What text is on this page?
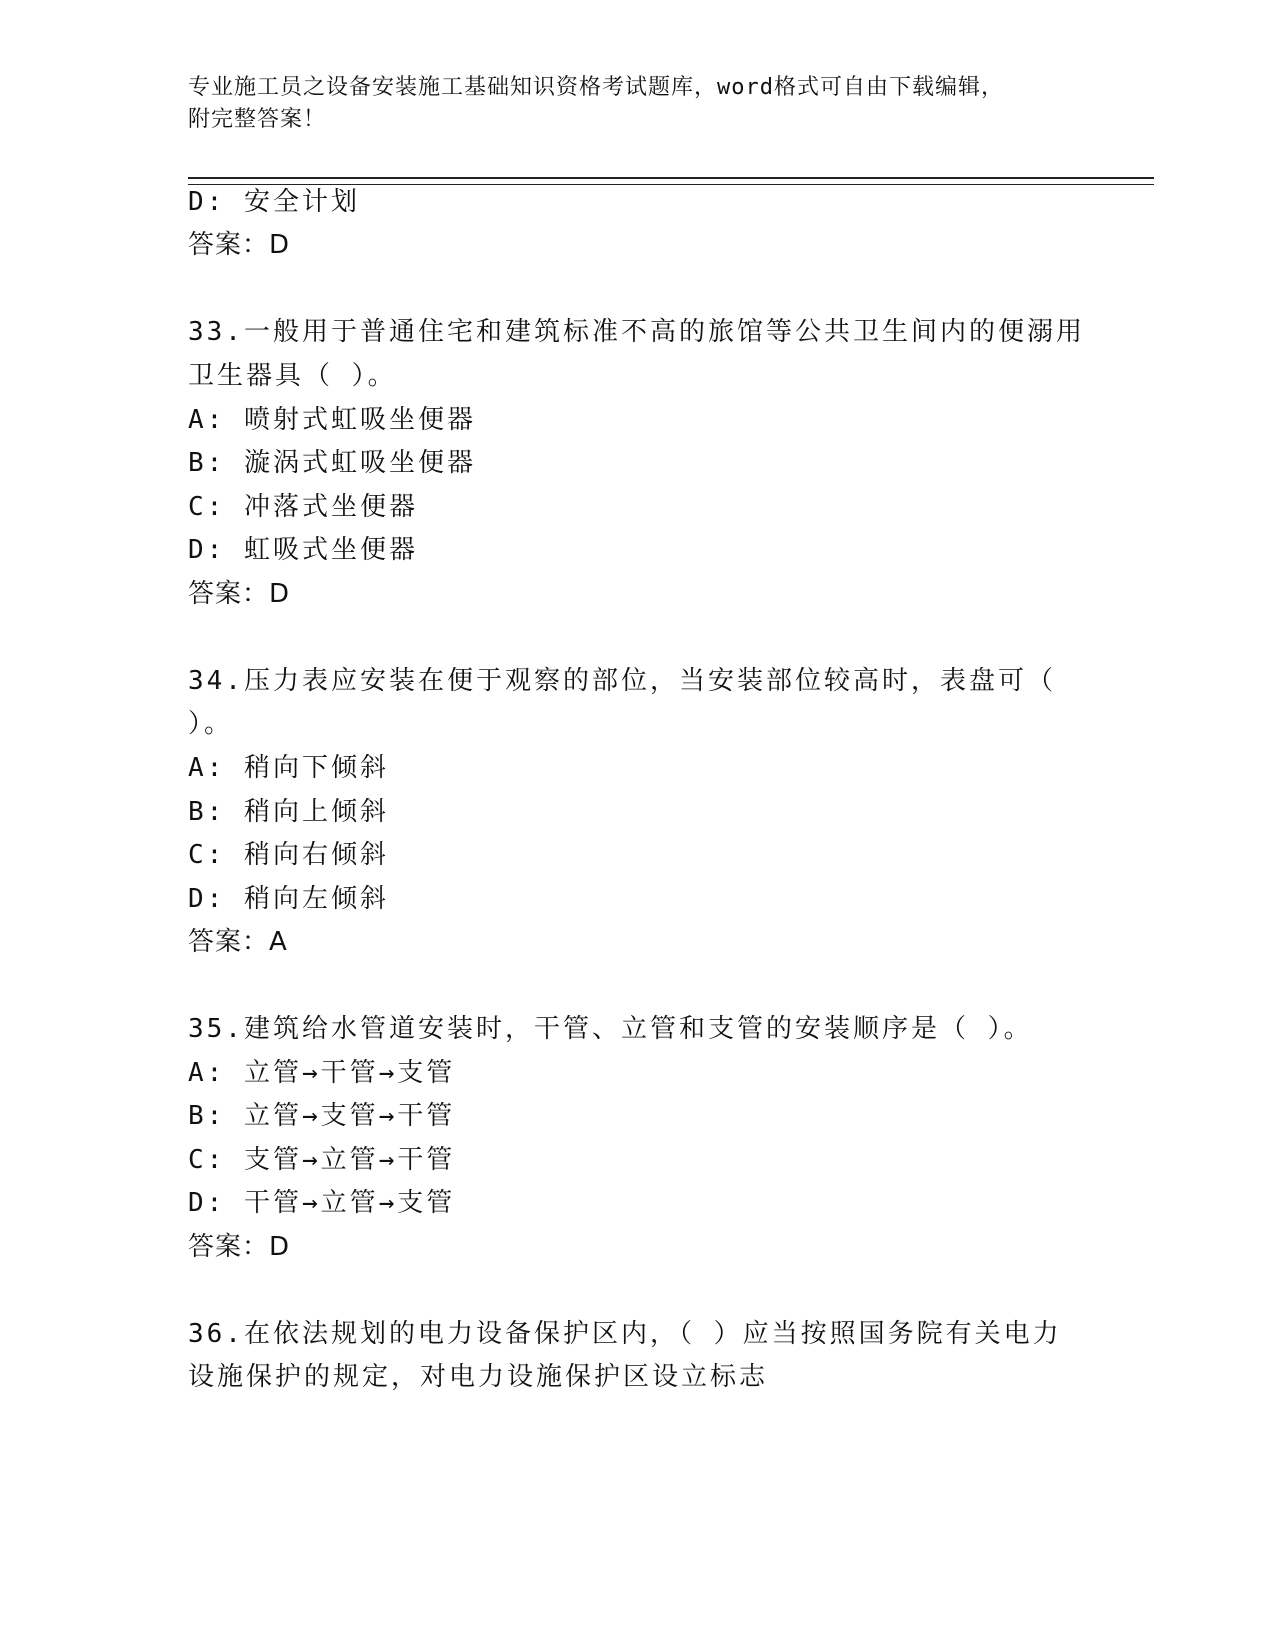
专业施工员之设备安装施工基础知识资格考试题库，word格式可自由下载编辑，
附完整答案！
D: 安全计划
答案：D
33.一般用于普通住宅和建筑标准不高的旅馆等公共卫生间内的便溺用
卫生器具（ ）。
A: 喷射式虹吸坐便器
B: 漩涡式虹吸坐便器
C: 冲落式坐便器
D: 虹吸式坐便器
答案：D
34.压力表应安装在便于观察的部位，当安装部位较高时，表盘可（
）。
A: 稍向下倾斜
B: 稍向上倾斜
C: 稍向右倾斜
D: 稍向左倾斜
答案：A
35.建筑给水管道安装时，干管、立管和支管的安装顺序是（ ）。
A: 立管→干管→支管
B: 立管→支管→干管
C: 支管→立管→干管
D: 干管→立管→支管
答案：D
36.在依法规划的电力设备保护区内，（ ）应当按照国务院有关电力
设施保护的规定，对电力设施保护区设立标志
